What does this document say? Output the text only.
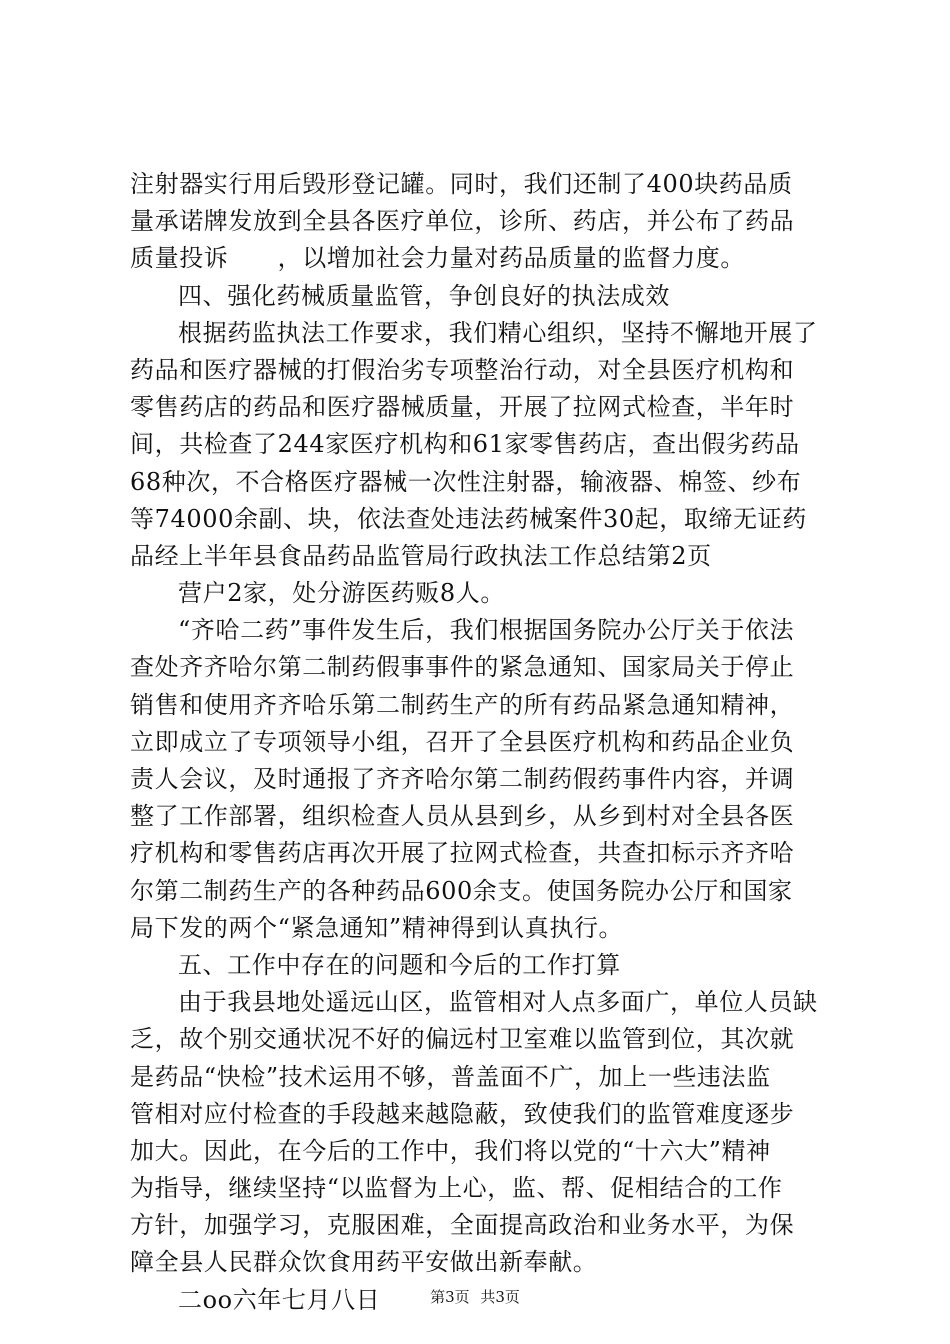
注射器实行用后毁形登记罐。同时，我们还制了400块药品质
量承诺牌发放到全县各医疗单位，诊所、药店，并公布了药品
质量投诉　　，以增加社会力量对药品质量的监督力度。
四、强化药械质量监管，争创良好的执法成效
根据药监执法工作要求，我们精心组织，坚持不懈地开展了
药品和医疗器械的打假治劣专项整治行动，对全县医疗机构和
零售药店的药品和医疗器械质量，开展了拉网式检查，半年时
间，共检查了244家医疗机构和61家零售药店，查出假劣药品
68种次，不合格医疗器械一次性注射器，输液器、棉签、纱布
等74000余副、块，依法查处违法药械案件30起，取缔无证药
品经上半年县食品药品监管局行政执法工作总结第2页
营户2家，处分游医药贩8人。
“齐哈二药”事件发生后，我们根据国务院办公厅关于依法
查处齐齐哈尔第二制药假事事件的紧急通知、国家局关于停止
销售和使用齐齐哈乐第二制药生产的所有药品紧急通知精神，
立即成立了专项领导小组，召开了全县医疗机构和药品企业负
责人会议，及时通报了齐齐哈尔第二制药假药事件内容，并调
整了工作部署，组织检查人员从县到乡，从乡到村对全县各医
疗机构和零售药店再次开展了拉网式检查，共查扣标示齐齐哈
尔第二制药生产的各种药品600余支。使国务院办公厅和国家
局下发的两个“紧急通知”精神得到认真执行。
五、工作中存在的问题和今后的工作打算
由于我县地处遥远山区，监管相对人点多面广，单位人员缺
乏，故个别交通状况不好的偏远村卫室难以监管到位，其次就
是药品“快检”技术运用不够，普盖面不广，加上一些违法监
管相对应付检查的手段越来越隐蔽，致使我们的监管难度逐步
加大。因此，在今后的工作中，我们将以党的“十六大”精神
为指导，继续坚持“以监督为上心，监、帮、促相结合的工作
方针，加强学习，克服困难，全面提高政治和业务水平，为保
障全县人民群众饮食用药平安做出新奉献。
二oo六年七月八日	第3页 共3页
